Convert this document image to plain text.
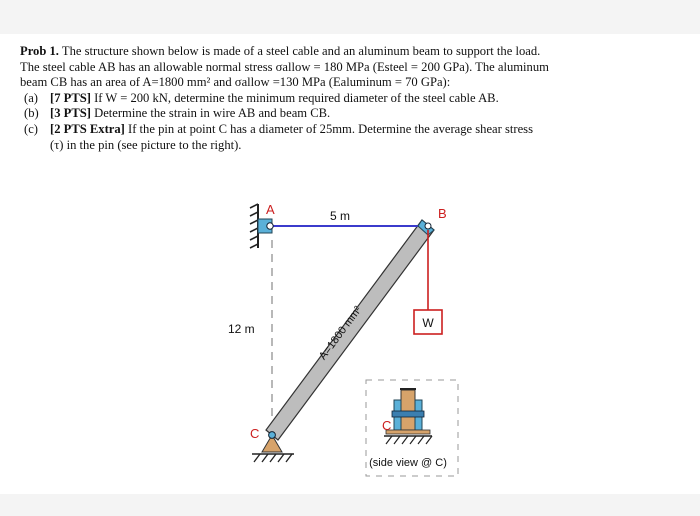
Prob 1. The structure shown below is made of a steel cable and an aluminum beam to support the load.

The steel cable AB has an allowable normal stress σallow = 180 MPa (Esteel = 200 GPa). The aluminum

beam CB has an area of A=1800 mm² and σallow =130 MPa (Ealuminum = 70 GPa):

(a) [7 PTS] If W = 200 kN, determine the minimum required diameter of the steel cable AB.
(b) [3 PTS] Determine the strain in wire AB and beam CB.
(c) [2 PTS Extra] If the pin at point C has a diameter of 25mm. Determine the average shear stress

(τ) in the pin (see picture to the right).

W
A	B
C
5 m
12 m	A=1800 mm²
C
(side view @ C)
